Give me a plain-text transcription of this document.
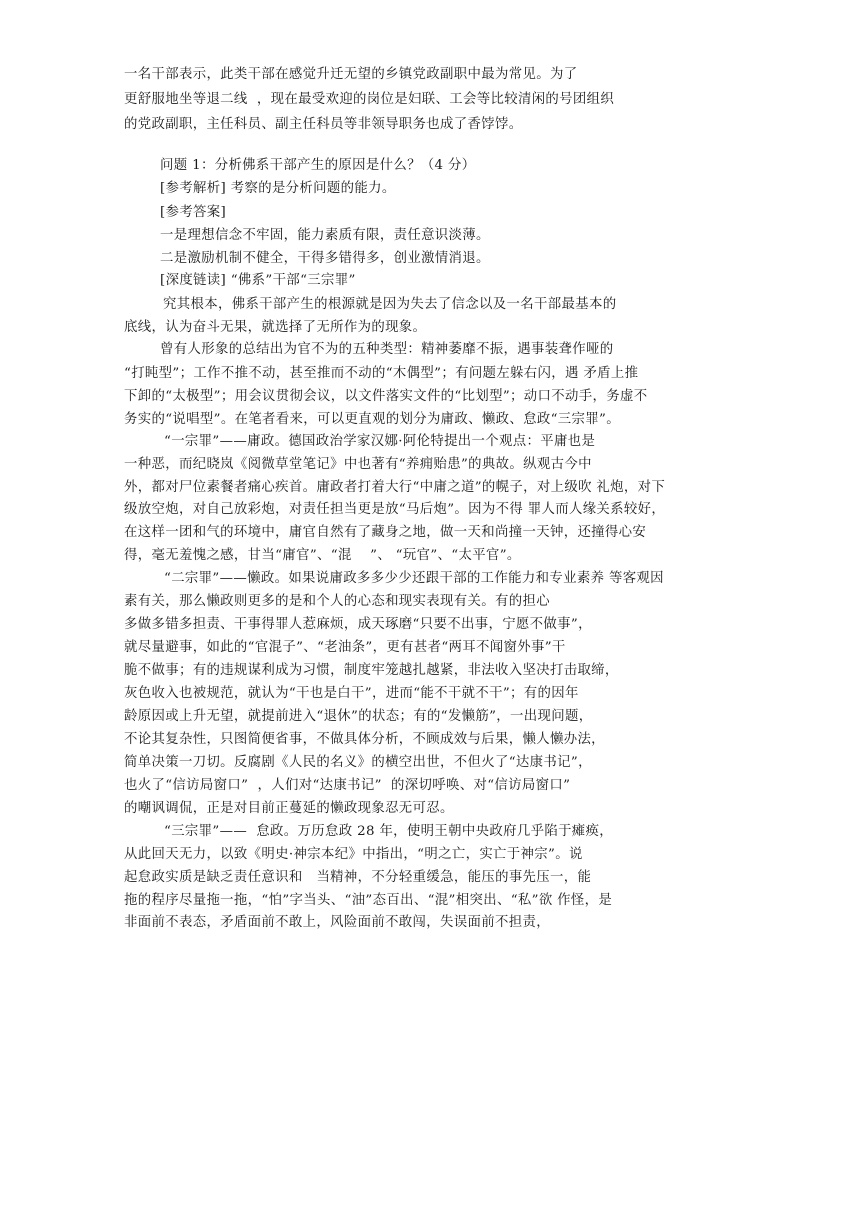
一名干部表示，此类干部在感觉升迁无望的乡镇党政副职中最为常见。为了
更舒服地坐等退二线  ，现在最受欢迎的岗位是妇联、工会等比较清闲的号团组织
的党政副职，主任科员、副主任科员等非领导职务也成了香饽饽。
问题 1：分析佛系干部产生的原因是什么？（4 分）
[参考解析] 考察的是分析问题的能力。
[参考答案]
一是理想信念不牢固，能力素质有限，责任意识淡薄。
二是激励机制不健全，干得多错得多，创业激情消退。
[深度链读] “佛系”干部“三宗罪”
究其根本，佛系干部产生的根源就是因为失去了信念以及一名干部最基本的
底线，认为奋斗无果，就选择了无所作为的现象。
曾有人形象的总结出为官不为的五种类型：精神萎靡不振，遇事装聋作哑的
“打盹型”；工作不推不动，甚至推而不动的“木偶型”；有问题左躲右闪，遇 矛盾上推
下卸的“太极型”；用会议贯彻会议，以文件落实文件的“比划型”；动口不动手，务虚不
务实的“说唱型”。在笔者看来，可以更直观的划分为庸政、懒政、怠政“三宗罪”。
“一宗罪”——庸政。德国政治学家汉娜·阿伦特提出一个观点：平庸也是
一种恶，而纪晓岚《阅微草堂笔记》中也著有“养痈贻患”的典故。纵观古今中
外，都对尸位素餐者痛心疾首。庸政者打着大行“中庸之道”的幌子，对上级吹 礼炮，对下
级放空炮，对自己放彩炮，对责任担当更是放“马后炮”。因为不得 罪人而人缘关系较好，
在这样一团和气的环境中，庸官自然有了藏身之地，做一天和尚撞一天钟，还撞得心安
得，毫无羞愧之感，甘当“庸官”、“混    ”、 “玩官”、“太平官”。
“二宗罪”——懒政。如果说庸政多多少少还跟干部的工作能力和专业素养 等客观因
素有关，那么懒政则更多的是和个人的心态和现实表现有关。有的担心
多做多错多担责、干事得罪人惹麻烦，成天琢磨“只要不出事，宁愿不做事”，
就尽量避事，如此的“官混子”、“老油条”，更有甚者“两耳不闻窗外事”干
脆不做事；有的违规谋利成为习惯，制度牢笼越扎越紧，非法收入坚决打击取缔，
灰色收入也被规范，就认为“干也是白干”，进而“能不干就不干”；有的因年
龄原因或上升无望，就提前进入“退休”的状态；有的“发懒筋”，一出现问题，
不论其复杂性，只图简便省事，不做具体分析，不顾成效与后果，懒人懒办法，
简单决策一刀切。反腐剧《人民的名义》的横空出世，不但火了“达康书记”，
也火了“信访局窗口”  ，人们对“达康书记”  的深切呼唤、对“信访局窗口”
的嘲讽调侃，正是对目前正蔓延的懒政现象忍无可忍。
“三宗罪”——  怠政。万历怠政 28 年，使明王朝中央政府几乎陷于瘫痪，
从此回天无力，以致《明史·神宗本纪》中指出，“明之亡，实亡于神宗”。说
起怠政实质是缺乏责任意识和   当精神，不分轻重缓急，能压的事先压一，能
拖的程序尽量拖一拖，“怕”字当头、“油”态百出、“混”相突出、“私”欲 作怪，是
非面前不表态，矛盾面前不敢上，风险面前不敢闯，失误面前不担责，
